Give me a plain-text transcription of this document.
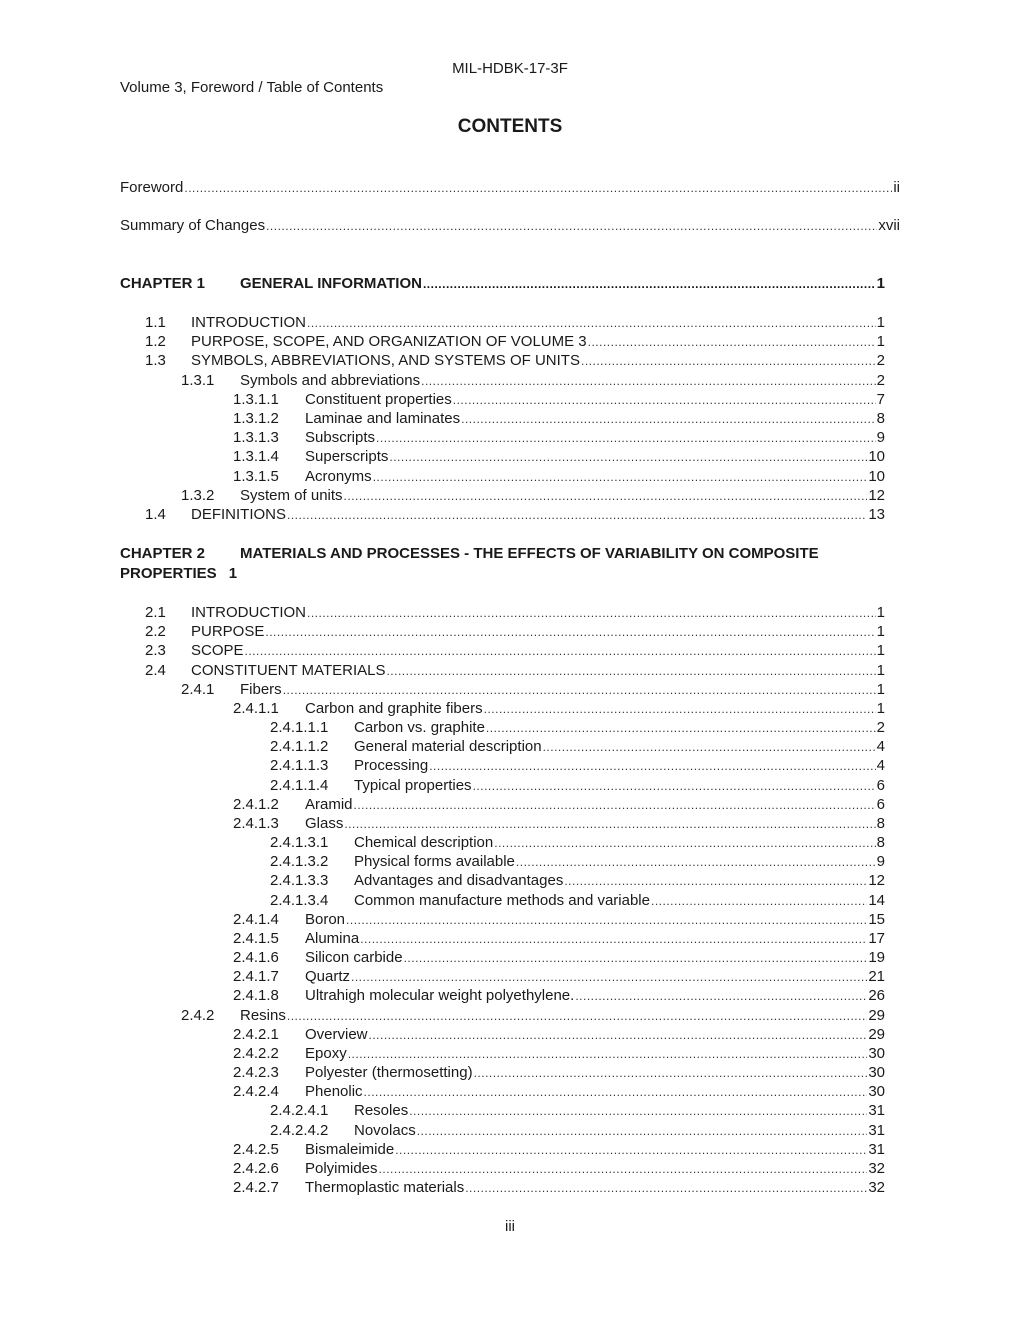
MIL-HDBK-17-3F
Volume 3, Foreword / Table of Contents
CONTENTS
Foreword .....	ii
Summary of Changes .....	xvii
CHAPTER 1	GENERAL INFORMATION .....	1
1.1	INTRODUCTION .....	1
1.2	PURPOSE, SCOPE, AND ORGANIZATION OF VOLUME 3 .....	1
1.3	SYMBOLS, ABBREVIATIONS, AND SYSTEMS OF UNITS .....	2
1.3.1	Symbols and abbreviations .....	2
1.3.1.1	Constituent properties .....	7
1.3.1.2	Laminae and laminates .....	8
1.3.1.3	Subscripts .....	9
1.3.1.4	Superscripts .....	10
1.3.1.5	Acronyms .....	10
1.3.2	System of units .....	12
1.4	DEFINITIONS .....	13
CHAPTER 2 MATERIALS AND PROCESSES - THE EFFECTS OF VARIABILITY ON COMPOSITE
PROPERTIES 1
2.1	INTRODUCTION .....	1
2.2	PURPOSE .....	1
2.3	SCOPE .....	1
2.4	CONSTITUENT MATERIALS .....	1
2.4.1	Fibers .....	1
2.4.1.1	Carbon and graphite fibers .....	1
2.4.1.1.1	Carbon vs. graphite .....	2
2.4.1.1.2	General material description .....	4
2.4.1.1.3	Processing .....	4
2.4.1.1.4	Typical properties .....	6
2.4.1.2	Aramid .....	6
2.4.1.3	Glass .....	8
2.4.1.3.1	Chemical description .....	8
2.4.1.3.2	Physical forms available .....	9
2.4.1.3.3	Advantages and disadvantages .....	12
2.4.1.3.4	Common manufacture methods and variable .....	14
2.4.1.4	Boron .....	15
2.4.1.5	Alumina .....	17
2.4.1.6	Silicon carbide .....	19
2.4.1.7	Quartz .....	21
2.4.1.8	Ultrahigh molecular weight polyethylene. .....	26
2.4.2	Resins .....	29
2.4.2.1	Overview .....	29
2.4.2.2	Epoxy .....	30
2.4.2.3	Polyester (thermosetting) .....	30
2.4.2.4	Phenolic .....	30
2.4.2.4.1	Resoles .....	31
2.4.2.4.2	Novolacs .....	31
2.4.2.5	Bismaleimide .....	31
2.4.2.6	Polyimides .....	32
2.4.2.7	Thermoplastic materials .....	32
iii
